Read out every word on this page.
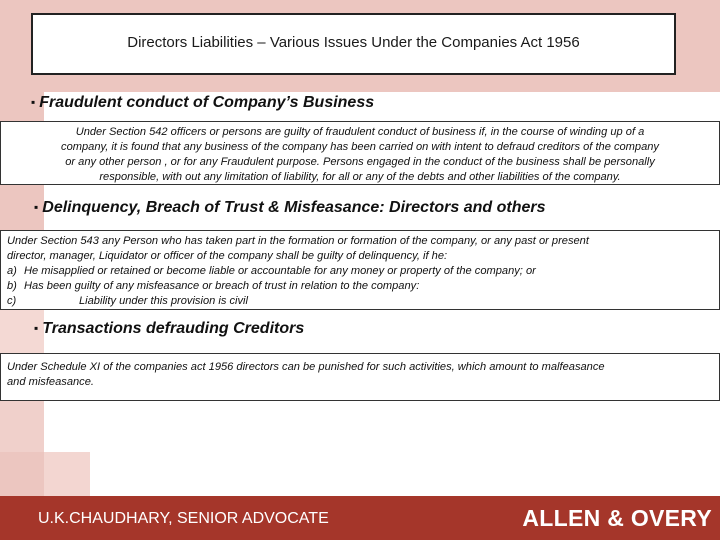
Directors Liabilities – Various Issues Under the Companies Act 1956
▪ Fraudulent conduct of Company’s Business
Under Section 542 officers or persons are guilty of fraudulent conduct of business if, in the course of winding up of a
company, it is found that any business of the company has been carried on with intent to defraud creditors of the company
or any other person , or for any Fraudulent purpose. Persons engaged in the conduct of the business shall be personally
responsible, with out any limitation of liability, for all or any of the debts and other liabilities of the company.
▪ Delinquency, Breach of Trust & Misfeasance: Directors and others
Under Section 543 any Person who has taken part in the formation or formation of the company, or any past or present
director, manager, Liquidator or officer of the company shall be guilty of delinquency, if he:
a) He misapplied or retained or become liable or accountable for any money or property of the company; or
b) Has been guilty of any misfeasance or breach of trust in relation to the company:
c)	Liability under this provision is civil
▪ Transactions defrauding Creditors
Under Schedule XI of the companies act 1956 directors can be punished for such activities, which amount to malfeasance
and misfeasance.
U.K.CHAUDHARY, SENIOR ADVOCATE	ALLEN & OVERY
